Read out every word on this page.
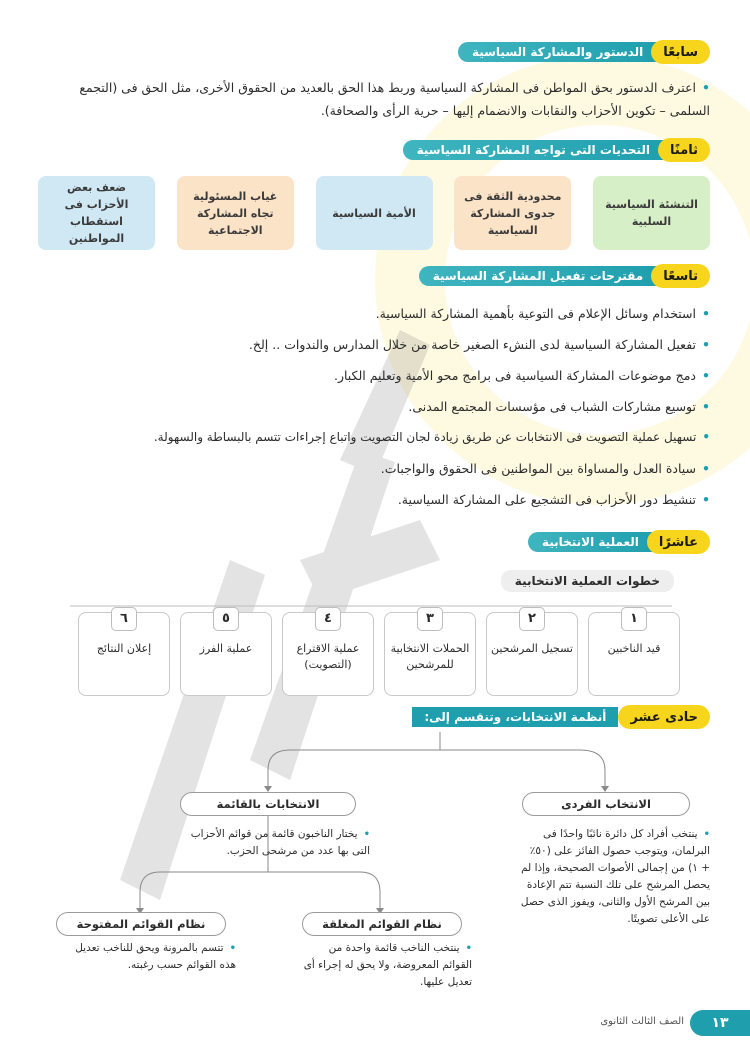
سابعًا
الدستور والمشاركة السياسية
•اعترف الدستور بحق المواطن فى المشاركة السياسية وربط هذا الحق بالعديد من الحقوق الأخرى، مثل الحق فى (التجمع
السلمى – تكوين الأحزاب والنقابات والانضمام إليها – حرية الرأى والصحافة).
ثامنًا
التحديات التى تواجه المشاركة السياسية
التنشئة السياسية السلبية
محدودية الثقة فى جدوى المشاركة السياسية
الأمية السياسية
غياب المسئولية تجاه المشاركة الاجتماعية
ضعف بعض الأحزاب فى استقطاب المواطنين
تاسعًا
مقترحات تفعيل المشاركة السياسية
•استخدام وسائل الإعلام فى التوعية بأهمية المشاركة السياسية.
•تفعيل المشاركة السياسية لدى النشء الصغير خاصة من خلال المدارس والندوات .. إلخ.
•دمج موضوعات المشاركة السياسية فى برامج محو الأمية وتعليم الكبار.
•توسيع مشاركات الشباب فى مؤسسات المجتمع المدنى.
•تسهيل عملية التصويت فى الانتخابات عن طريق زيادة لجان التصويت واتباع إجراءات تتسم بالبساطة والسهولة.
•سيادة العدل والمساواة بين المواطنين فى الحقوق والواجبات.
•تنشيط دور الأحزاب فى التشجيع على المشاركة السياسية.
عاشرًا
العملية الانتخابية
خطوات العملية الانتخابية
١
قيد الناخبين
٢
تسجيل المرشحين
٣
الحملات الانتخابية للمرشحين
٤
عملية الاقتراع (التصويت)
٥
عملية الفرز
٦
إعلان النتائج
حادى عشر
أنظمة الانتخابات، وتنقسم إلى:
الانتخاب الفردى
•ينتخب أفراد كل دائرة نائبًا واحدًا فى البرلمان، ويتوجب حصول الفائز على (٥٠٪ + ١) من إجمالى الأصوات الصحيحة، وإذا لم يحصل المرشح على تلك النسبة تتم الإعادة بين المرشح الأول والثانى، ويفوز الذى حصل على الأعلى تصويتًا.
الانتخابات بالقائمة
•يختار الناخبون قائمة من قوائم الأحزاب التى بها عدد من مرشحى الحزب.
نظام القوائم المغلقة
•ينتخب الناخب قائمة واحدة من القوائم المعروضة، ولا يحق له إجراء أى تعديل عليها.
نظام القوائم المفتوحة
•تتسم بالمرونة ويحق للناخب تعديل هذه القوائم حسب رغبته.
١٣
الصف الثالث الثانوى
